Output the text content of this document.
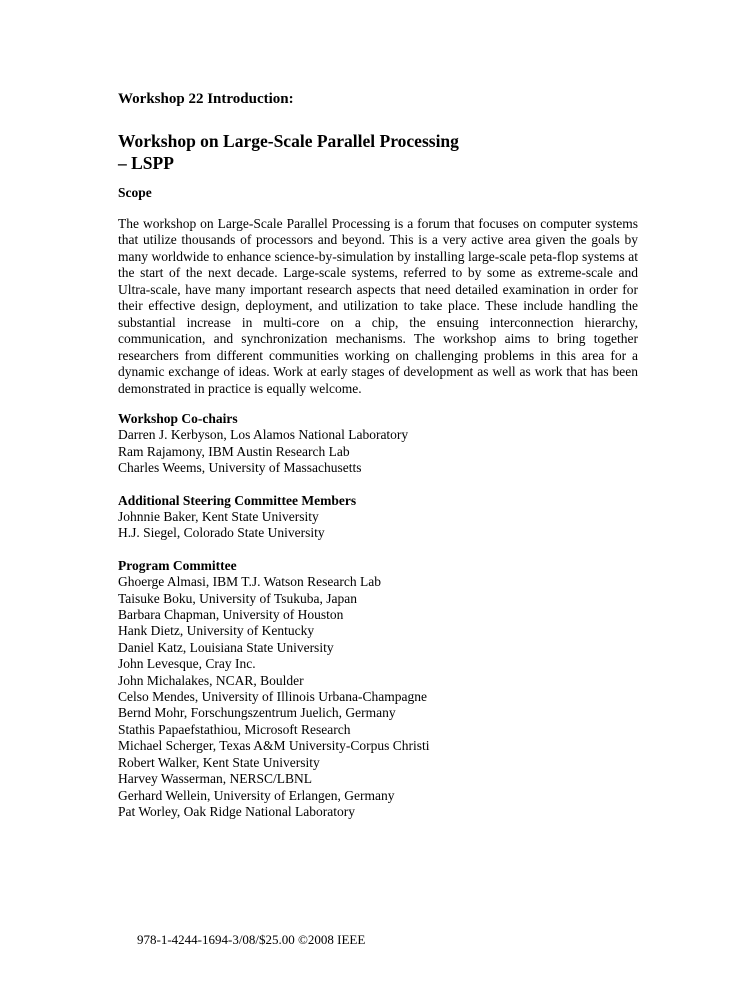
Workshop 22 Introduction:
Workshop on Large-Scale Parallel Processing
– LSPP
Scope
The workshop on Large-Scale Parallel Processing is a forum that focuses on computer systems that utilize thousands of processors and beyond. This is a very active area given the goals by many worldwide to enhance science-by-simulation by installing large-scale peta-flop systems at the start of the next decade. Large-scale systems, referred to by some as extreme-scale and Ultra-scale, have many important research aspects that need detailed examination in order for their effective design, deployment, and utilization to take place. These include handling the substantial increase in multi-core on a chip, the ensuing interconnection hierarchy, communication, and synchronization mechanisms. The workshop aims to bring together researchers from different communities working on challenging problems in this area for a dynamic exchange of ideas. Work at early stages of development as well as work that has been demonstrated in practice is equally welcome.
Workshop Co-chairs
Darren J. Kerbyson, Los Alamos National Laboratory
Ram Rajamony, IBM Austin Research Lab
Charles Weems, University of Massachusetts
Additional Steering Committee Members
Johnnie Baker, Kent State University
H.J. Siegel, Colorado State University
Program Committee
Ghoerge Almasi, IBM T.J. Watson Research Lab
Taisuke Boku, University of Tsukuba, Japan
Barbara Chapman, University of Houston
Hank Dietz, University of Kentucky
Daniel Katz, Louisiana State University
John Levesque, Cray Inc.
John Michalakes, NCAR, Boulder
Celso Mendes, University of Illinois Urbana-Champagne
Bernd Mohr, Forschungszentrum Juelich, Germany
Stathis Papaefstathiou, Microsoft Research
Michael Scherger, Texas A&M University-Corpus Christi
Robert Walker, Kent State University
Harvey Wasserman, NERSC/LBNL
Gerhard Wellein, University of Erlangen, Germany
Pat Worley, Oak Ridge National Laboratory
978-1-4244-1694-3/08/$25.00 ©2008 IEEE
